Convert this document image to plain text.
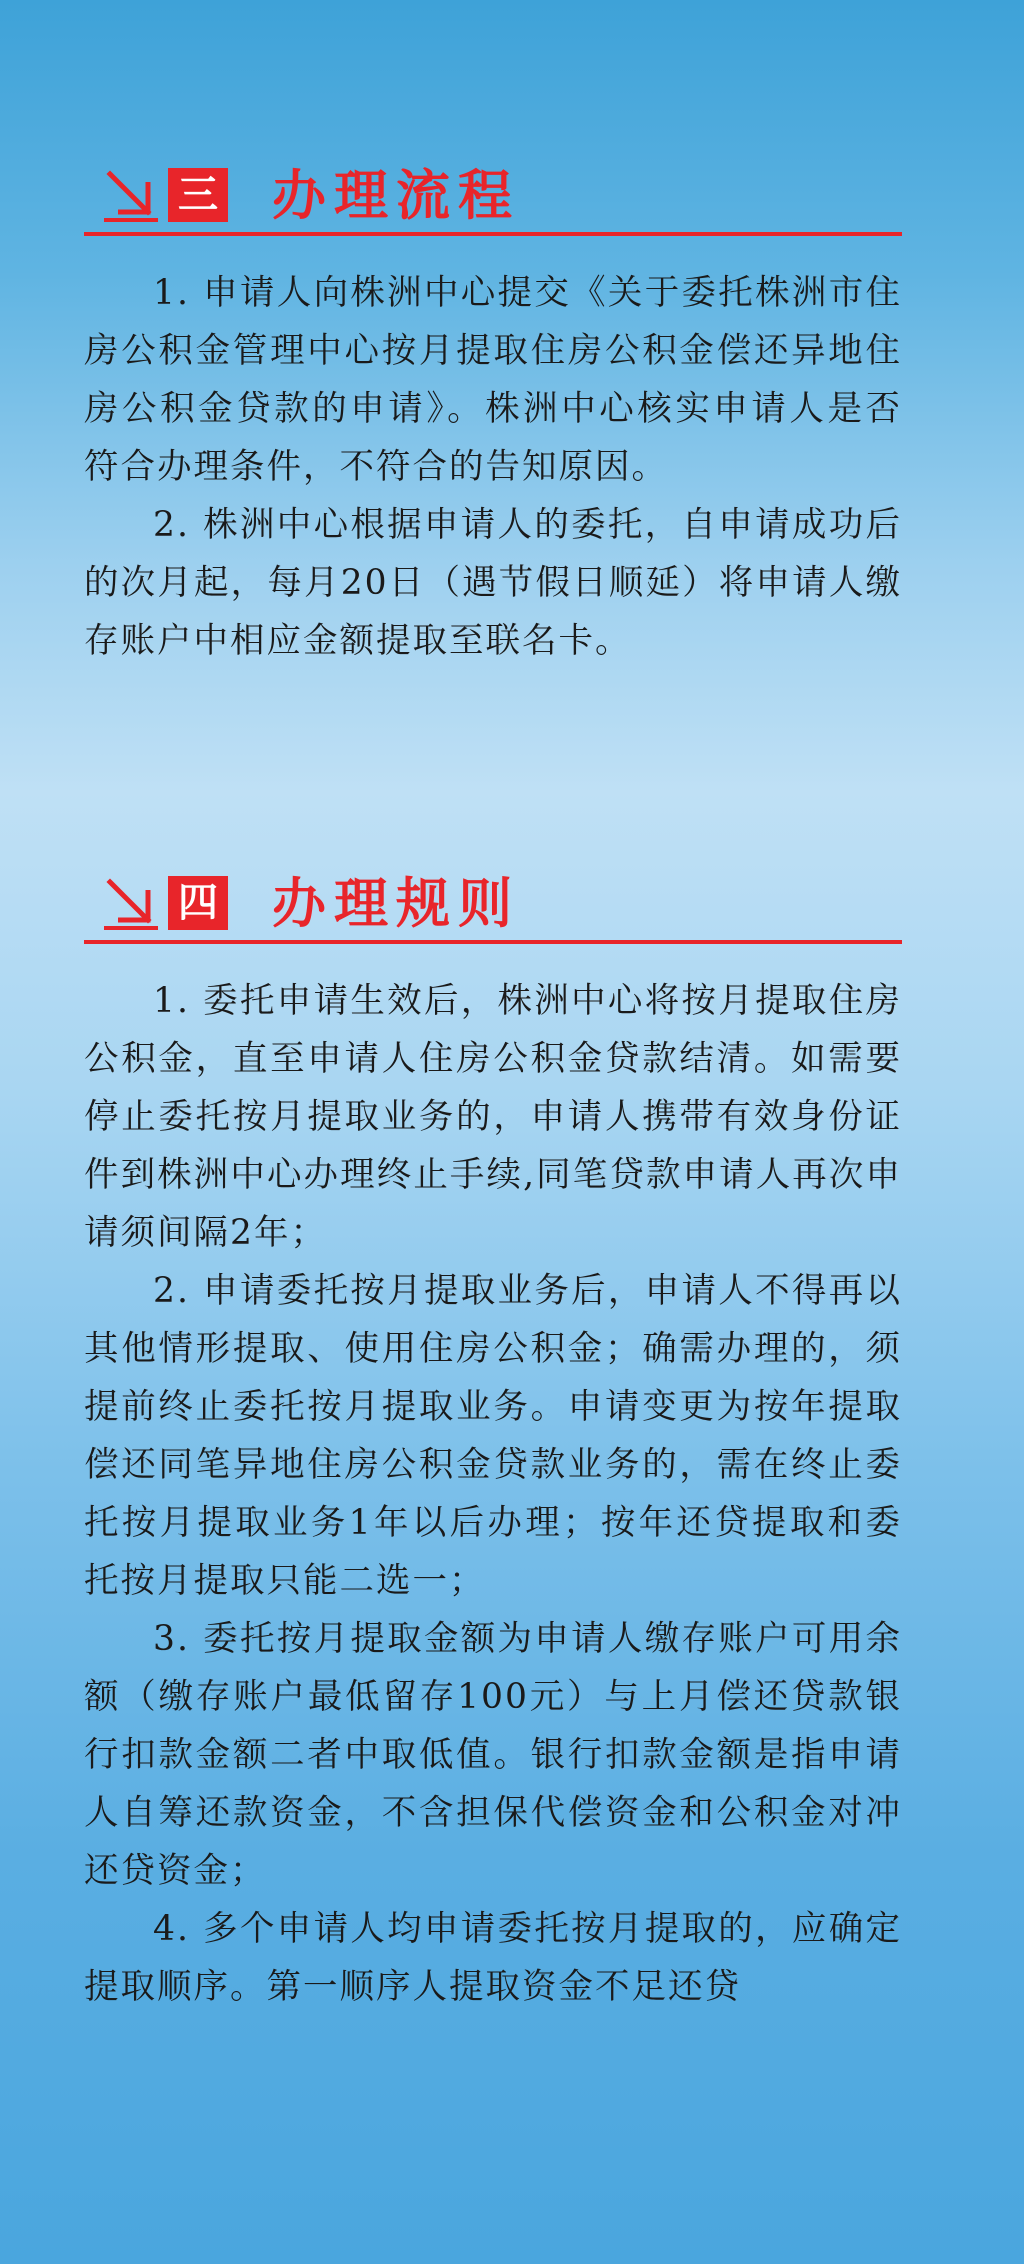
三 办理流程

1. 申请人向株洲中心提交《关于委托株洲市住房公积金管理中心按月提取住房公积金偿还异地住房公积金贷款的申请》。株洲中心核实申请人是否符合办理条件，不符合的告知原因。

2. 株洲中心根据申请人的委托，自申请成功后的次月起，每月20日（遇节假日顺延）将申请人缴存账户中相应金额提取至联名卡。

四 办理规则

1. 委托申请生效后，株洲中心将按月提取住房公积金，直至申请人住房公积金贷款结清。如需要停止委托按月提取业务的，申请人携带有效身份证件到株洲中心办理终止手续,同笔贷款申请人再次申请须间隔2年；

2. 申请委托按月提取业务后，申请人不得再以其他情形提取、使用住房公积金；确需办理的，须提前终止委托按月提取业务。申请变更为按年提取偿还同笔异地住房公积金贷款业务的，需在终止委托按月提取业务1年以后办理；按年还贷提取和委托按月提取只能二选一；

3. 委托按月提取金额为申请人缴存账户可用余额（缴存账户最低留存100元）与上月偿还贷款银行扣款金额二者中取低值。银行扣款金额是指申请人自筹还款资金，不含担保代偿资金和公积金对冲还贷资金；

4. 多个申请人均申请委托按月提取的，应确定提取顺序。第一顺序人提取资金不足还贷
